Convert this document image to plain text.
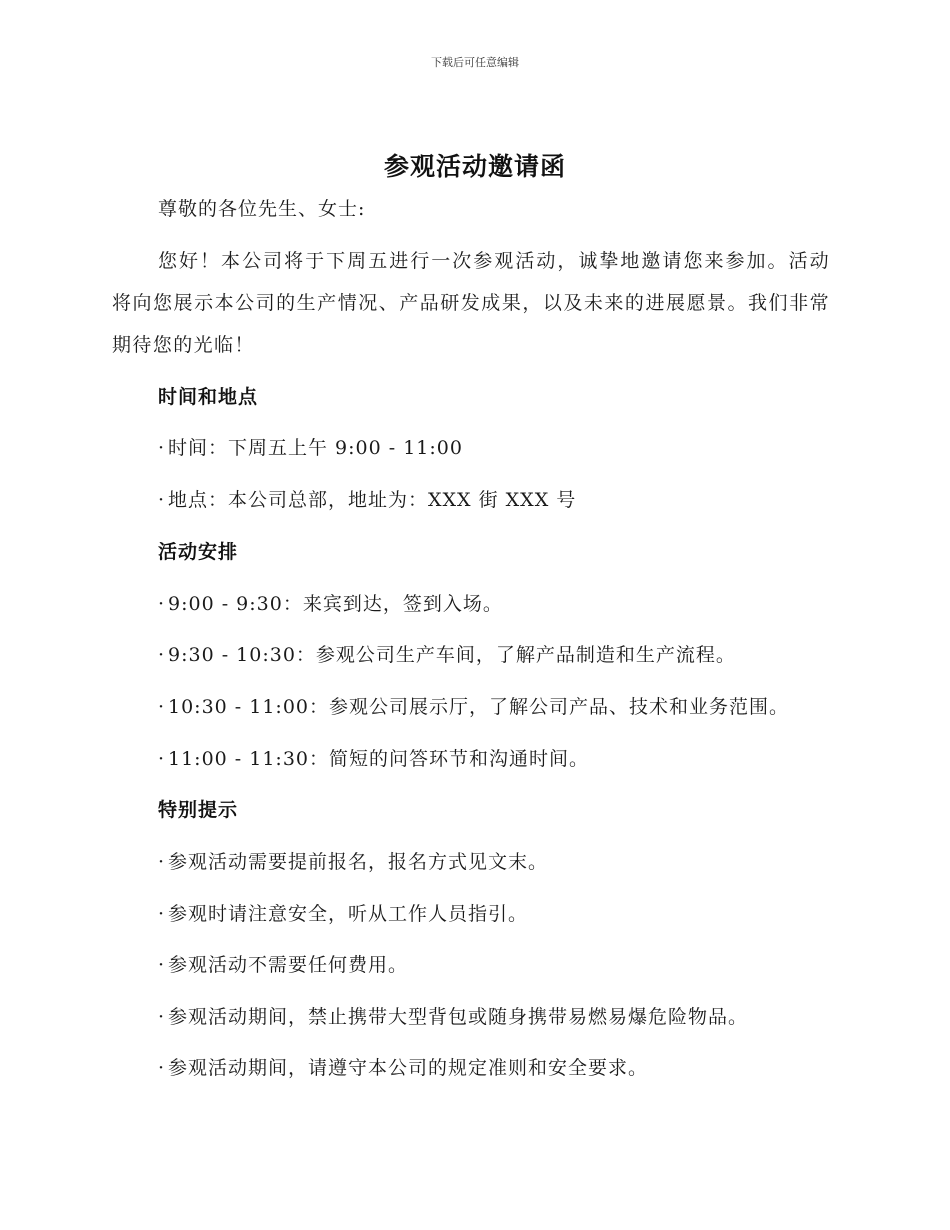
下载后可任意编辑
参观活动邀请函
尊敬的各位先生、女士:
您好！本公司将于下周五进行一次参观活动，诚挚地邀请您来参加。活动将向您展示本公司的生产情况、产品研发成果，以及未来的进展愿景。我们非常期待您的光临！
时间和地点
· 时间：下周五上午 9:00 - 11:00
· 地点：本公司总部，地址为：XXX 街 XXX 号
活动安排
· 9:00 - 9:30：来宾到达，签到入场。
· 9:30 - 10:30：参观公司生产车间，了解产品制造和生产流程。
· 10:30 - 11:00：参观公司展示厅，了解公司产品、技术和业务范围。
· 11:00 - 11:30：简短的问答环节和沟通时间。
特别提示
· 参观活动需要提前报名，报名方式见文末。
· 参观时请注意安全，听从工作人员指引。
· 参观活动不需要任何费用。
· 参观活动期间，禁止携带大型背包或随身携带易燃易爆危险物品。
· 参观活动期间，请遵守本公司的规定准则和安全要求。
